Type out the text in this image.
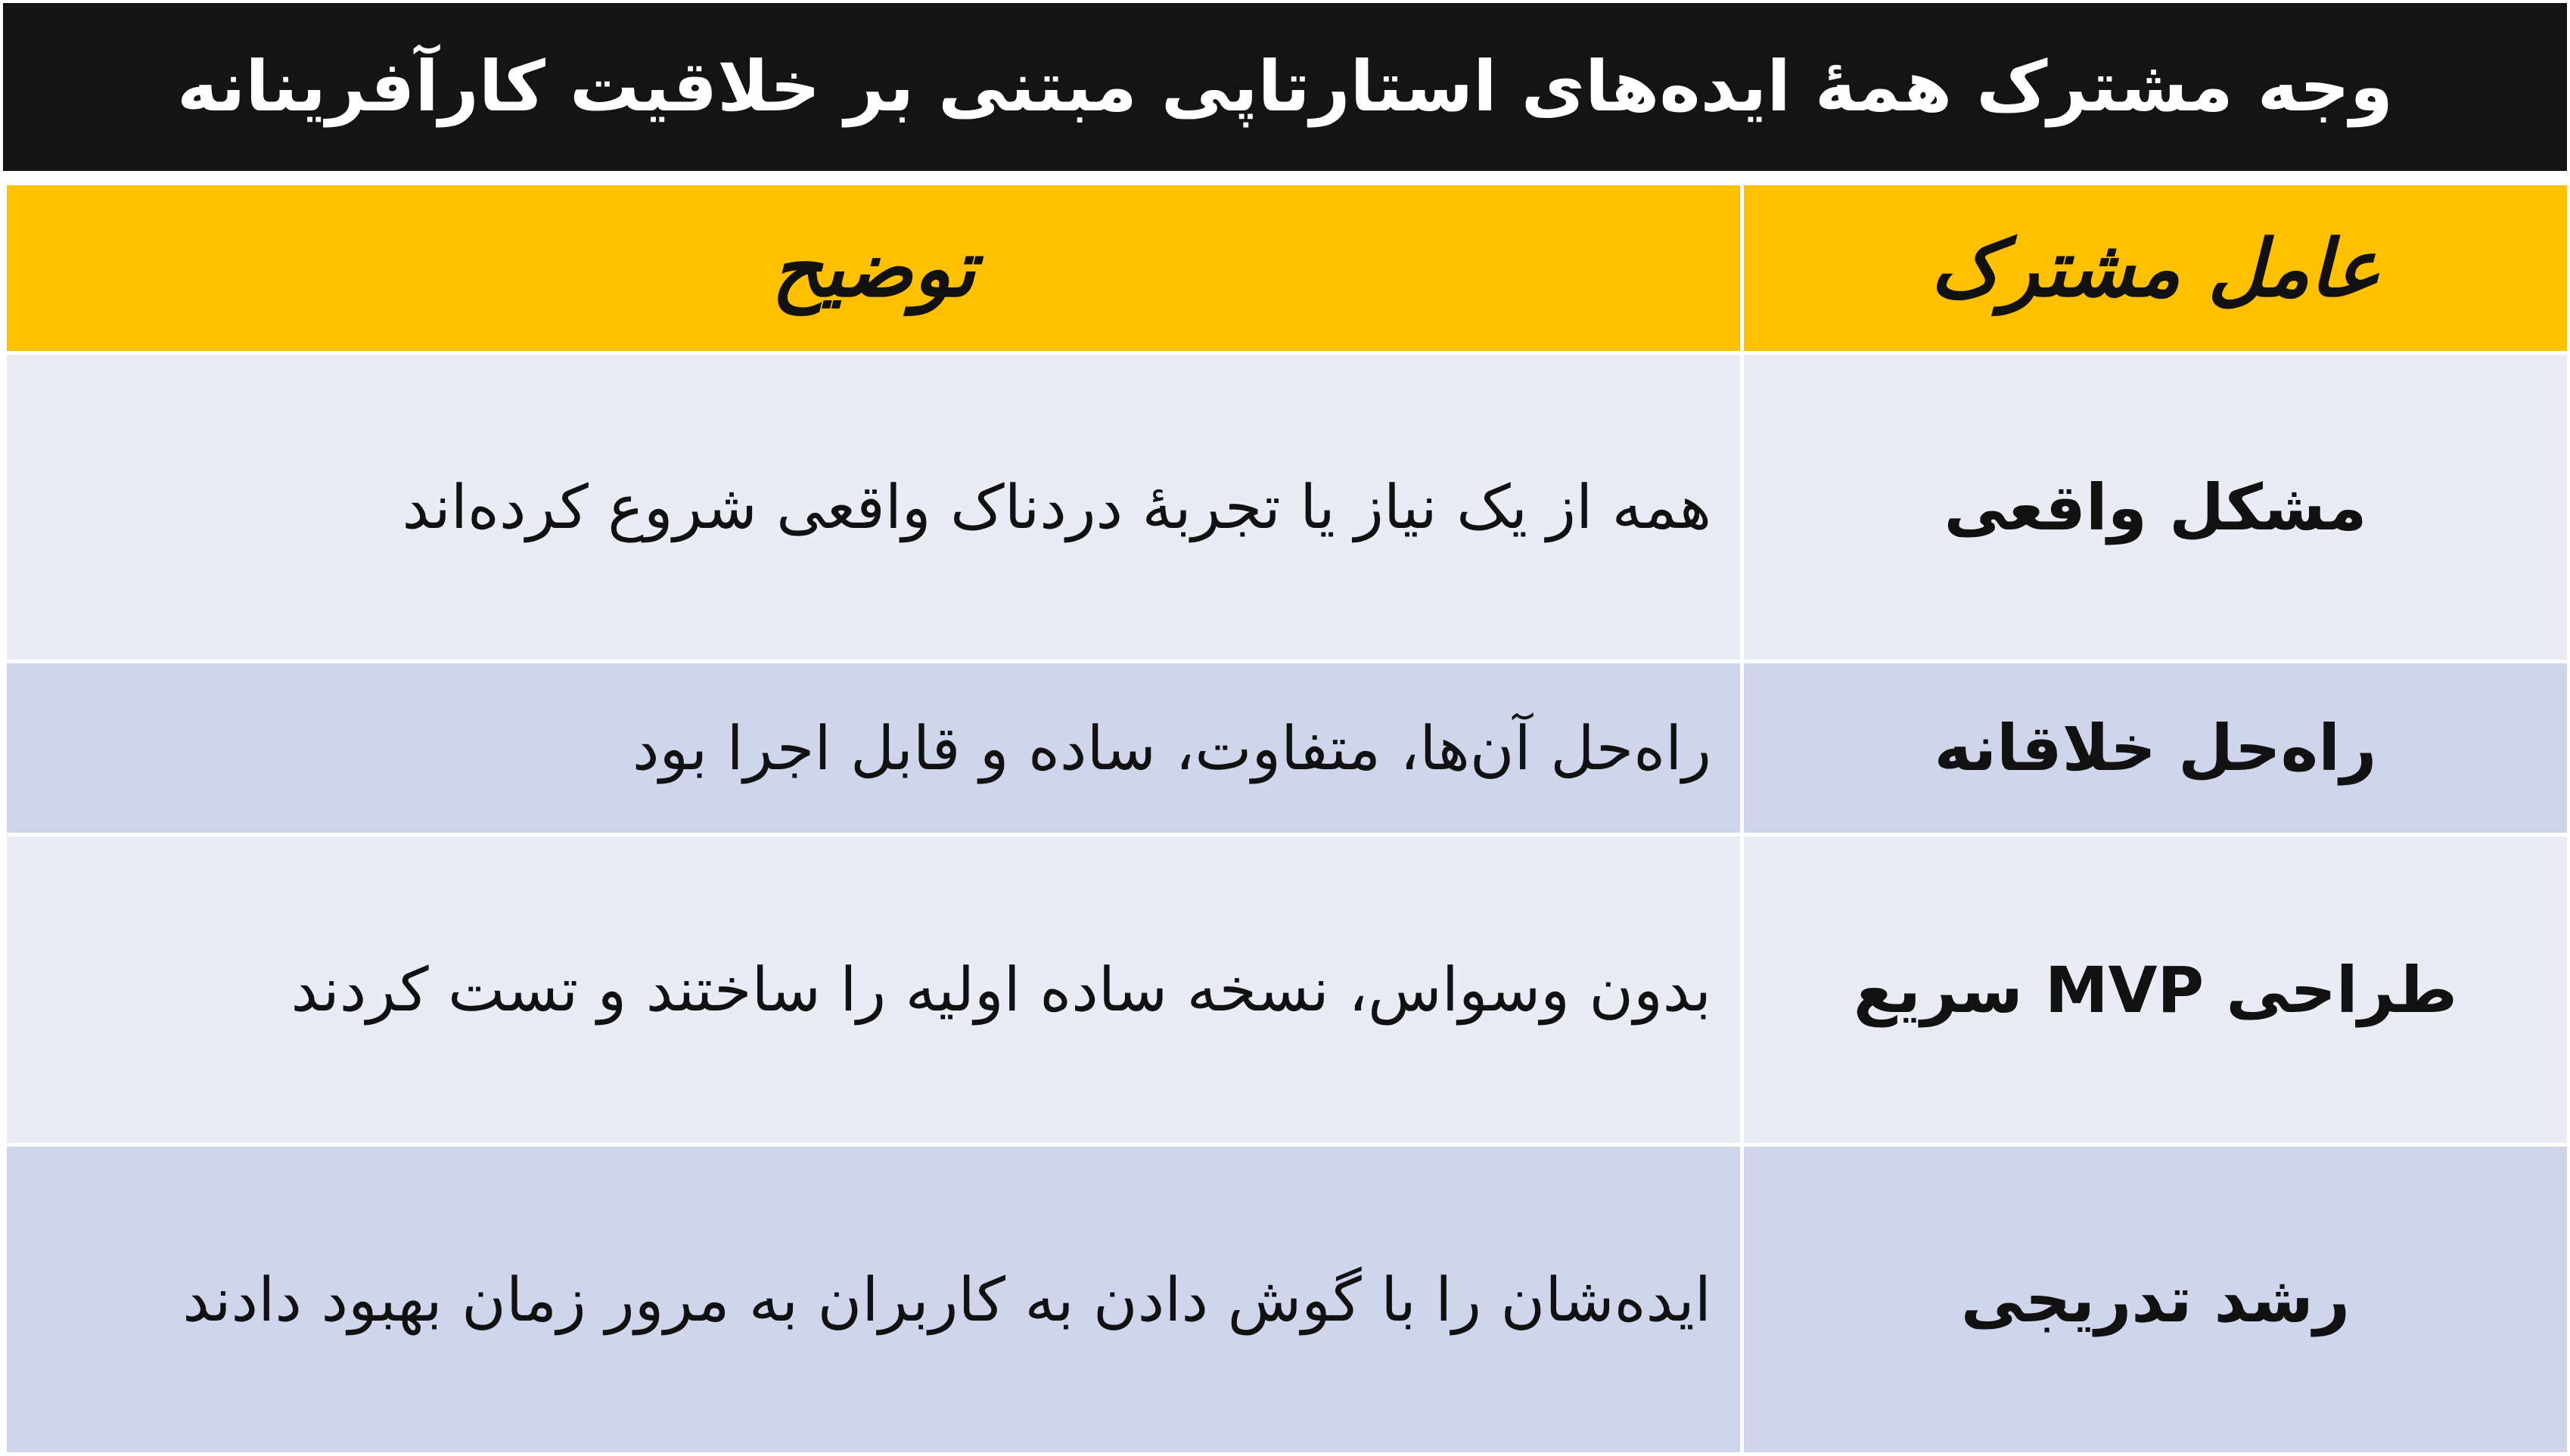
وجه مشترک همهٔ ایده‌های استارتاپی مبتنی بر خلاقیت کارآفرینانه
عامل مشترک	توضیح
مشکل واقعی	همه از یک نیاز یا تجربهٔ دردناک واقعی شروع کرده‌اند
راه‌حل خلاقانه	راه‌حل آن‌ها، متفاوت، ساده و قابل اجرا بود
طراحی MVP سریع	بدون وسواس، نسخه ساده اولیه را ساختند و تست کردند
رشد تدریجی	ایده‌شان را با گوش دادن به کاربران به مرور زمان بهبود دادند
